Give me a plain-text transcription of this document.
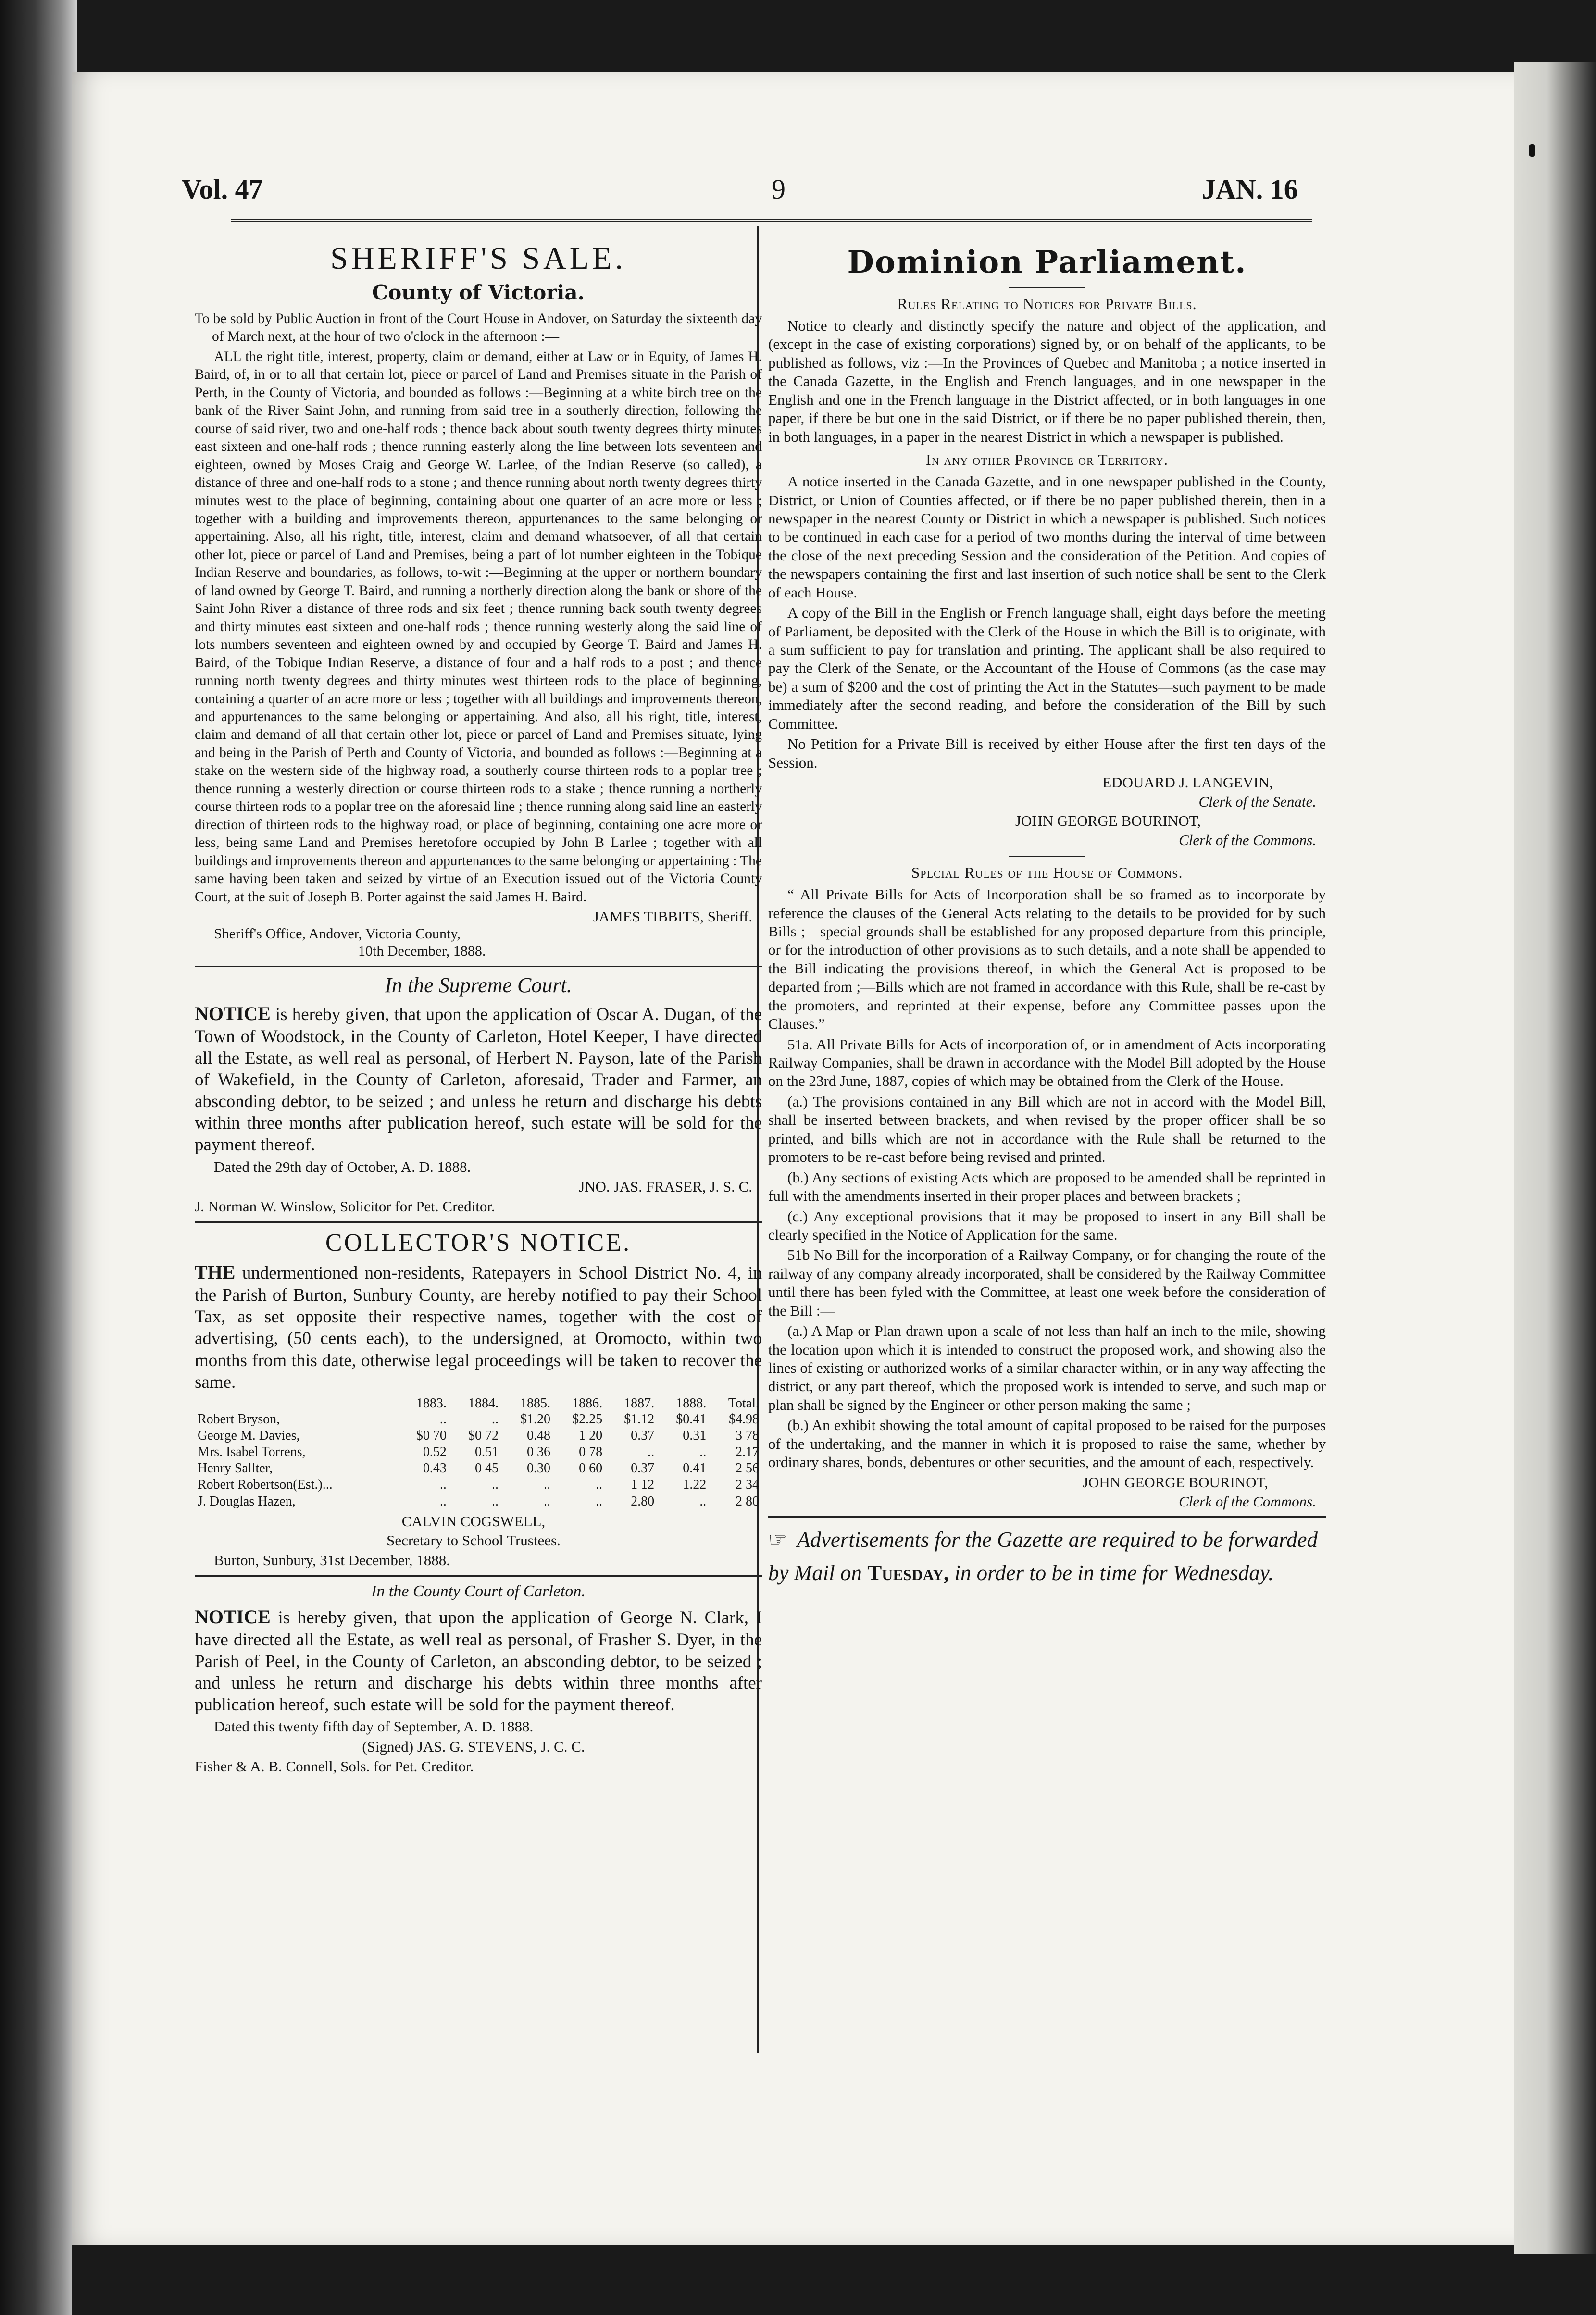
Vol. 47	9	JAN. 16
SHERIFF'S SALE.
County of Victoria.
To be sold by Public Auction in front of the Court House in Andover, on Saturday the sixteenth day of March next, at the hour of two o'clock in the afternoon :—
ALL the right title, interest, property, claim or demand, either at Law or in Equity, of James H. Baird, of, in or to all that certain lot, piece or parcel of Land and Premises situate in the Parish of Perth, in the County of Victoria, and bounded as follows :—Beginning at a white birch tree on the bank of the River Saint John, and running from said tree in a southerly direction, following the course of said river, two and one-half rods ; thence back about south twenty degrees thirty minutes east sixteen and one-half rods ; thence running easterly along the line between lots seventeen and eighteen, owned by Moses Craig and George W. Larlee, of the Indian Reserve (so called), a distance of three and one-half rods to a stone ; and thence running about north twenty degrees thirty minutes west to the place of beginning, containing about one quarter of an acre more or less ; together with a building and improvements thereon, appurtenances to the same belonging or appertaining. Also, all his right, title, interest, claim and demand whatsoever, of all that certain other lot, piece or parcel of Land and Premises, being a part of lot number eighteen in the Tobique Indian Reserve and boundaries, as follows, to-wit :—Beginning at the upper or northern boundary of land owned by George T. Baird, and running a northerly direction along the bank or shore of the Saint John River a distance of three rods and six feet ; thence running back south twenty degrees and thirty minutes east sixteen and one-half rods ; thence running westerly along the said line of lots numbers seventeen and eighteen owned by and occupied by George T. Baird and James H. Baird, of the Tobique Indian Reserve, a distance of four and a half rods to a post ; and thence running north twenty degrees and thirty minutes west thirteen rods to the place of beginning, containing a quarter of an acre more or less ; together with all buildings and improvements thereon, and appurtenances to the same belonging or appertaining. And also, all his right, title, interest, claim and demand of all that certain other lot, piece or parcel of Land and Premises situate, lying and being in the Parish of Perth and County of Victoria, and bounded as follows :—Beginning at a stake on the western side of the highway road, a southerly course thirteen rods to a poplar tree ; thence running a westerly direction or course thirteen rods to a stake ; thence running a northerly course thirteen rods to a poplar tree on the aforesaid line ; thence running along said line an easterly direction of thirteen rods to the highway road, or place of beginning, containing one acre more or less, being same Land and Premises heretofore occupied by John B Larlee ; together with all buildings and improvements thereon and appurtenances to the same belonging or appertaining : The same having been taken and seized by virtue of an Execution issued out of the Victoria County Court, at the suit of Joseph B. Porter against the said James H. Baird.
JAMES TIBBITS, Sheriff.
Sheriff's Office, Andover, Victoria County,
10th December, 1888.
In the Supreme Court.
NOTICE is hereby given, that upon the application of Oscar A. Dugan, of the Town of Woodstock, in the County of Carleton, Hotel Keeper, I have directed all the Estate, as well real as personal, of Herbert N. Payson, late of the Parish of Wakefield, in the County of Carleton, aforesaid, Trader and Farmer, an absconding debtor, to be seized ; and unless he return and discharge his debts within three months after publication hereof, such estate will be sold for the payment thereof.
Dated the 29th day of October, A. D. 1888.
JNO. JAS. FRASER, J. S. C.
J. Norman W. Winslow, Solicitor for Pet. Creditor.
COLLECTOR'S NOTICE.
THE undermentioned non-residents, Ratepayers in School District No. 4, in the Parish of Burton, Sunbury County, are hereby notified to pay their School Tax, as set opposite their respective names, together with the cost of advertising, (50 cents each), to the undersigned, at Oromocto, within two months from this date, otherwise legal proceedings will be taken to recover the same.
	1883.	1884.	1885.	1886.	1887.	1888.	Total.
Robert Bryson,	..	..	$1.20	$2.25	$1.12	$0.41	$4.98
George M. Davies,	$0 70	$0 72	0.48	1 20	0.37	0.31	3 78
Mrs. Isabel Torrens,	0.52	0.51	0 36	0 78	..	..	2.17
Henry Sallter,	0.43	0 45	0.30	0 60	0.37	0.41	2 56
Robert Robertson(Est.)...	..	..	..	..	1 12	1.22	2 34
J. Douglas Hazen,	..	..	..	..	2.80	..	2 80
CALVIN COGSWELL,
Secretary to School Trustees.
Burton, Sunbury, 31st December, 1888.
In the County Court of Carleton.
NOTICE is hereby given, that upon the application of George N. Clark, I have directed all the Estate, as well real as personal, of Frasher S. Dyer, in the Parish of Peel, in the County of Carleton, an absconding debtor, to be seized ; and unless he return and discharge his debts within three months after publication hereof, such estate will be sold for the payment thereof.
Dated this twenty fifth day of September, A. D. 1888.
(Signed) JAS. G. STEVENS, J. C. C.
Fisher & A. B. Connell, Sols. for Pet. Creditor.
Dominion Parliament.
Rules Relating to Notices for Private Bills.
Notice to clearly and distinctly specify the nature and object of the application, and (except in the case of existing corporations) signed by, or on behalf of the applicants, to be published as follows, viz :—In the Provinces of Quebec and Manitoba ; a notice inserted in the Canada Gazette, in the English and French languages, and in one newspaper in the English and one in the French language in the District affected, or in both languages in one paper, if there be but one in the said District, or if there be no paper published therein, then, in both languages, in a paper in the nearest District in which a newspaper is published.
In any other Province or Territory.
A notice inserted in the Canada Gazette, and in one newspaper published in the County, District, or Union of Counties affected, or if there be no paper published therein, then in a newspaper in the nearest County or District in which a newspaper is published. Such notices to be continued in each case for a period of two months during the interval of time between the close of the next preceding Session and the consideration of the Petition. And copies of the newspapers containing the first and last insertion of such notice shall be sent to the Clerk of each House.
A copy of the Bill in the English or French language shall, eight days before the meeting of Parliament, be deposited with the Clerk of the House in which the Bill is to originate, with a sum sufficient to pay for translation and printing. The applicant shall be also required to pay the Clerk of the Senate, or the Accountant of the House of Commons (as the case may be) a sum of $200 and the cost of printing the Act in the Statutes—such payment to be made immediately after the second reading, and before the consideration of the Bill by such Committee.
No Petition for a Private Bill is received by either House after the first ten days of the Session.
EDOUARD J. LANGEVIN,
Clerk of the Senate.
JOHN GEORGE BOURINOT,
Clerk of the Commons.
Special Rules of the House of Commons.
“ All Private Bills for Acts of Incorporation shall be so framed as to incorporate by reference the clauses of the General Acts relating to the details to be provided for by such Bills ;—special grounds shall be established for any proposed departure from this principle, or for the introduction of other provisions as to such details, and a note shall be appended to the Bill indicating the provisions thereof, in which the General Act is proposed to be departed from ;—Bills which are not framed in accordance with this Rule, shall be re-cast by the promoters, and reprinted at their expense, before any Committee passes upon the Clauses.”
51a. All Private Bills for Acts of incorporation of, or in amendment of Acts incorporating Railway Companies, shall be drawn in accordance with the Model Bill adopted by the House on the 23rd June, 1887, copies of which may be obtained from the Clerk of the House.
(a.) The provisions contained in any Bill which are not in accord with the Model Bill, shall be inserted between brackets, and when revised by the proper officer shall be so printed, and bills which are not in accordance with the Rule shall be returned to the promoters to be re-cast before being revised and printed.
(b.) Any sections of existing Acts which are proposed to be amended shall be reprinted in full with the amendments inserted in their proper places and between brackets ;
(c.) Any exceptional provisions that it may be proposed to insert in any Bill shall be clearly specified in the Notice of Application for the same.
51b No Bill for the incorporation of a Railway Company, or for changing the route of the railway of any company already incorporated, shall be considered by the Railway Committee until there has been fyled with the Committee, at least one week before the consideration of the Bill :—
(a.) A Map or Plan drawn upon a scale of not less than half an inch to the mile, showing the location upon which it is intended to construct the proposed work, and showing also the lines of existing or authorized works of a similar character within, or in any way affecting the district, or any part thereof, which the proposed work is intended to serve, and such map or plan shall be signed by the Engineer or other person making the same ;
(b.) An exhibit showing the total amount of capital proposed to be raised for the purposes of the undertaking, and the manner in which it is proposed to raise the same, whether by ordinary shares, bonds, debentures or other securities, and the amount of each, respectively.
JOHN GEORGE BOURINOT,
Clerk of the Commons.
☞ Advertisements for the Gazette are required to be forwarded by Mail on Tuesday, in order to be in time for Wednesday.
